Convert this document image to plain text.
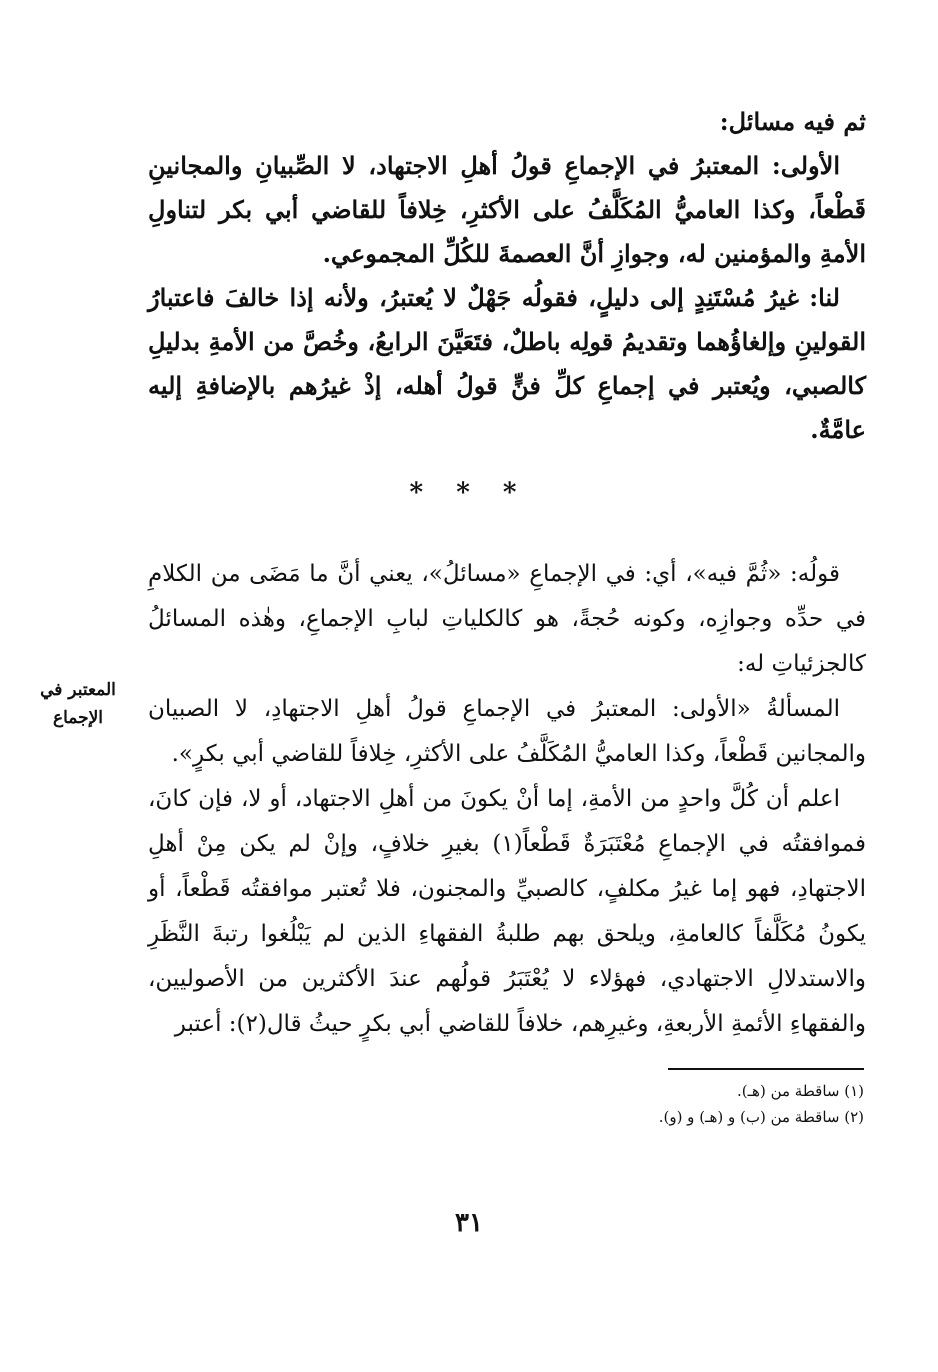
ثم فيه مسائل:

الأولى: المعتبرُ في الإجماعِ قولُ أهلِ الاجتهاد، لا الصِّبيانِ والمجانينِ قَطْعاً، وكذا العاميُّ المُكَلَّفُ على الأكثرِ، خِلافاً للقاضي أبي بكر لتناولِ الأمةِ والمؤمنين له، وجوازِ أنَّ العصمةَ للكُلِّ المجموعي.

لنا: غيرُ مُسْتَنِدٍ إلى دليلٍ، فقولُه جَهْلٌ لا يُعتبرُ، ولأنه إذا خالفَ فاعتبارُ القولينِ وإلغاؤُهما وتقديمُ قولِه باطلٌ، فتَعَيَّنَ الرابعُ، وخُصَّ من الأمةِ بدليلِ كالصبي، ويُعتبر في إجماعِ كلِّ فنٍّ قولُ أهله، إذْ غيرُهم بالإضافةِ إليه عامَّةٌ.

* * *

قولُه: «ثُمَّ فيه»، أي: في الإجماعِ «مسائلُ»، يعني أنَّ ما مَضَى من الكلامِ في حدِّه وجوازِه، وكونه حُجةً، هو كالكلياتِ لبابِ الإجماعِ، وهٰذه المسائلُ كالجزئياتِ له:

المسألةُ «الأولى: المعتبرُ في الإجماعِ قولُ أهلِ الاجتهادِ، لا الصبيان والمجانين قَطْعاً، وكذا العاميُّ المُكَلَّفُ على الأكثرِ، خِلافاً للقاضي أبي بكرٍ».

اعلم أن كُلَّ واحدٍ من الأمةِ، إما أنْ يكونَ من أهلِ الاجتهاد، أو لا، فإن كانَ، فموافقتُه في الإجماعِ مُعْتَبَرَةٌ قَطْعاً(١) بغيرِ خلافٍ، وإنْ لم يكن مِنْ أهلِ الاجتهادِ، فهو إما غيرُ مكلفٍ، كالصبيِّ والمجنون، فلا تُعتبر موافقتُه قَطْعاً، أو يكونُ مُكَلَّفاً كالعامةِ، ويلحق بهم طلبةُ الفقهاءِ الذين لم يَبْلُغوا رتبةَ النَّظَرِ والاستدلالِ الاجتهادي، فهؤلاء لا يُعْتَبَرُ قولُهم عندَ الأكثرين من الأصوليين، والفقهاءِ الأئمةِ الأربعةِ، وغيرِهم، خلافاً للقاضي أبي بكرٍ حيثُ قال(٢): أعتبر

المعتبر في
الإجماع
(١) ساقطة من (هـ).
(٢) ساقطة من (ب) و (هـ) و (و).
٣١
